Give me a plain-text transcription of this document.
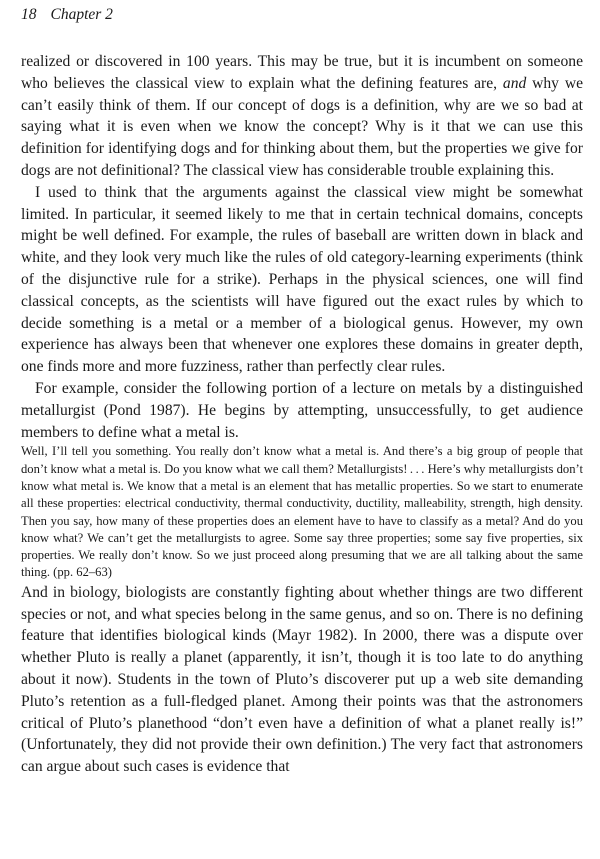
18 Chapter 2

realized or discovered in 100 years. This may be true, but it is incumbent on someone who believes the classical view to explain what the defining features are, and why we can’t easily think of them. If our concept of dogs is a definition, why are we so bad at saying what it is even when we know the concept? Why is it that we can use this definition for identifying dogs and for thinking about them, but the properties we give for dogs are not definitional? The classical view has considerable trouble explaining this.

I used to think that the arguments against the classical view might be somewhat limited. In particular, it seemed likely to me that in certain technical domains, concepts might be well defined. For example, the rules of baseball are written down in black and white, and they look very much like the rules of old category-learning experiments (think of the disjunctive rule for a strike). Perhaps in the physical sciences, one will find classical concepts, as the scientists will have figured out the exact rules by which to decide something is a metal or a member of a biological genus. However, my own experience has always been that whenever one explores these domains in greater depth, one finds more and more fuzziness, rather than perfectly clear rules.

For example, consider the following portion of a lecture on metals by a distinguished metallurgist (Pond 1987). He begins by attempting, unsuccessfully, to get audience members to define what a metal is.

Well, I’ll tell you something. You really don’t know what a metal is. And there’s a big group of people that don’t know what a metal is. Do you know what we call them? Metallurgists! . . . Here’s why metallurgists don’t know what metal is. We know that a metal is an element that has metallic properties. So we start to enumerate all these properties: electrical conductivity, thermal conductivity, ductility, malleability, strength, high density. Then you say, how many of these properties does an element have to have to classify as a metal? And do you know what? We can’t get the metallurgists to agree. Some say three properties; some say five properties, six properties. We really don’t know. So we just proceed along presuming that we are all talking about the same thing. (pp. 62–63)

And in biology, biologists are constantly fighting about whether things are two different species or not, and what species belong in the same genus, and so on. There is no defining feature that identifies biological kinds (Mayr 1982). In 2000, there was a dispute over whether Pluto is really a planet (apparently, it isn’t, though it is too late to do anything about it now). Students in the town of Pluto’s discoverer put up a web site demanding Pluto’s retention as a full-fledged planet. Among their points was that the astronomers critical of Pluto’s planethood “don’t even have a definition of what a planet really is!” (Unfortunately, they did not provide their own definition.) The very fact that astronomers can argue about such cases is evidence that
